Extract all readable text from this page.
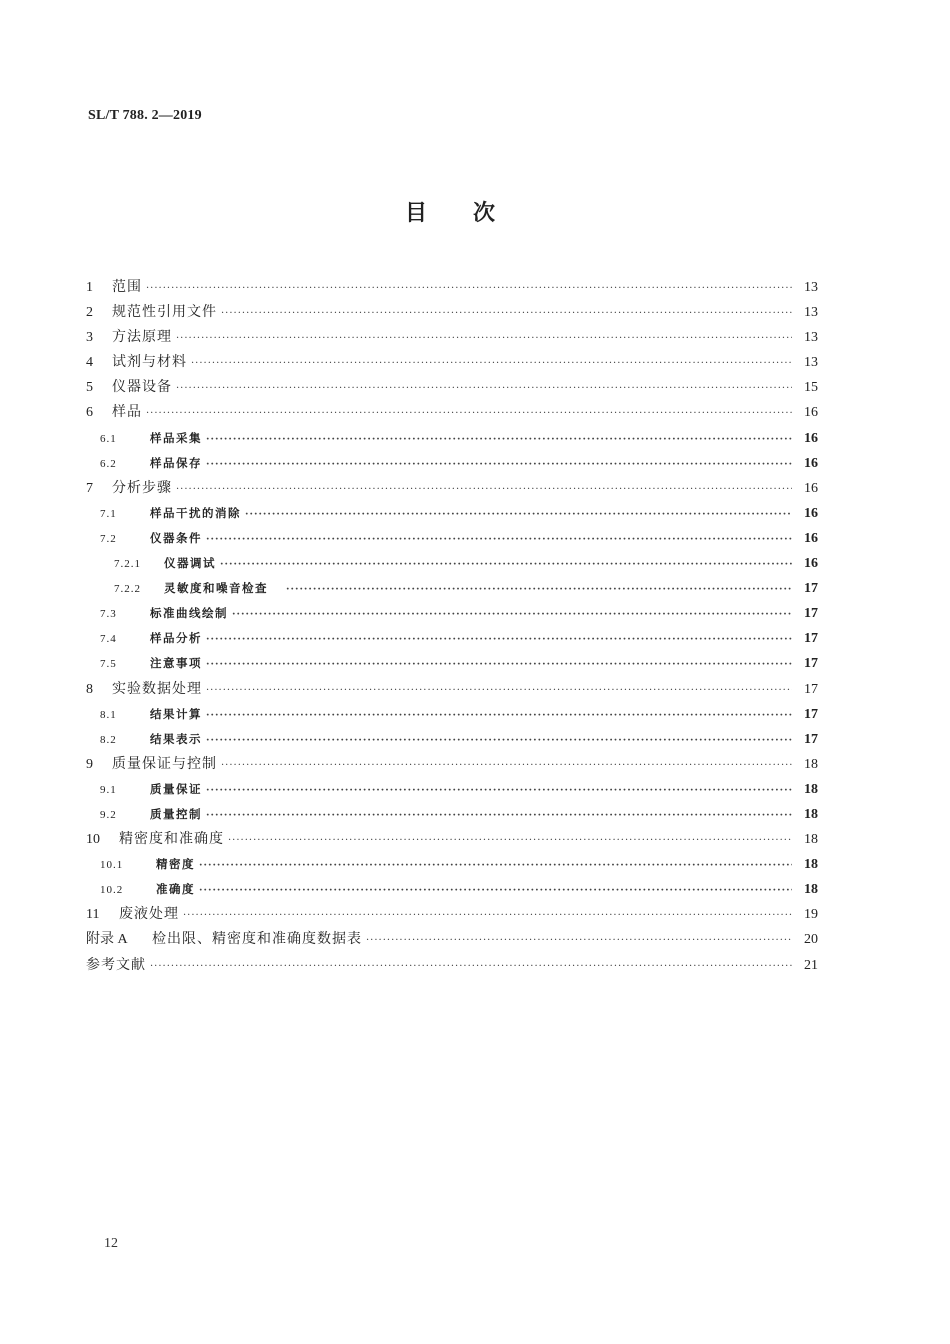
SL/T 788. 2—2019
目 次
1	范围 ·····	13
2	规范性引用文件 ·····	13
3	方法原理 ·····	13
4	试剂与材料 ·····	13
5	仪器设备 ·····	15
6	样品 ·····	16
6.1	样品采集 ·····	16
6.2	样品保存 ·····	16
7	分析步骤 ·····	16
7.1	样品干扰的消除 ·····	16
7.2	仪器条件 ·····	16
7.2.1	仪器调试 ·····	16
7.2.2	灵敏度和噪音检查 ·····	17
7.3	标准曲线绘制 ·····	17
7.4	样品分析 ·····	17
7.5	注意事项 ·····	17
8	实验数据处理 ·····	17
8.1	结果计算 ·····	17
8.2	结果表示 ·····	17
9	质量保证与控制 ·····	18
9.1	质量保证 ·····	18
9.2	质量控制 ·····	18
10	精密度和准确度 ·····	18
10.1	精密度 ·····	18
10.2	准确度 ·····	18
11	废液处理 ·····	19
附录 A	检出限、精密度和准确度数据表 ·····	20
参考文献 ·····	21
12
